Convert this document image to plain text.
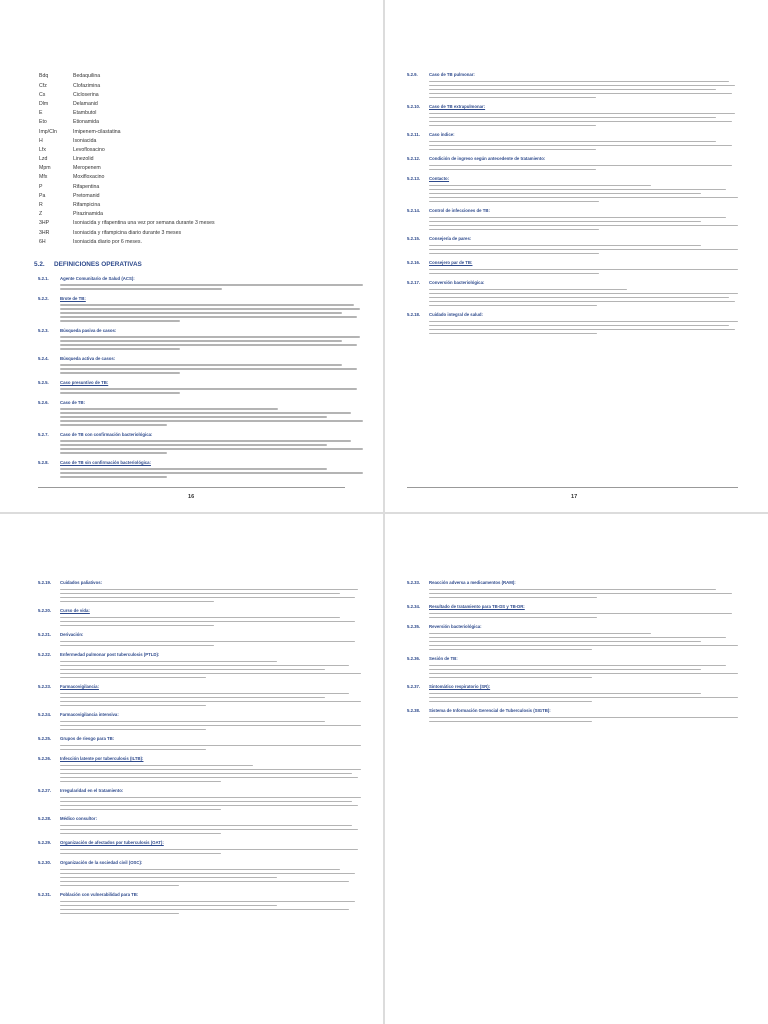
Bdq	Bedaquilina
Cfz	Clofazimina
Cs	Cicloserina
Dlm	Delamanid
E	Etambutol
Eto	Etionamida
Imp/Cln	Imipenem-cilastatina
H	Isoniacida
Lfx	Levofloxacino
Lzd	Linezolid
Mpm	Meropenem
Mfx	Moxifloxacino
P	Rifapentina
Pa	Pretomanid
R	Rifampicina
Z	Pirazinamida
3HP	Isoniacida y rifapentina una vez por semana durante 3 meses
3HR	Isoniacida y rifampicina diario durante 3 meses
6H	Isoniacida diario por 6 meses.
5.2. DEFINICIONES OPERATIVAS
5.2.1.	Agente Comunitario de Salud (ACS):
5.2.2.	Brote de TB:
5.2.3.	Búsqueda pasiva de casos:
5.2.4.	Búsqueda activa de casos:
5.2.5.	Caso presuntivo de TB:
5.2.6.	Caso de TB:
5.2.7.	Caso de TB con confirmación bacteriológica:
5.2.8.	Caso de TB sin confirmación bacteriológica:
16
5.2.9.	Caso de TB pulmonar:
5.2.10. Caso de TB extrapulmonar:
5.2.11. Caso índice:
5.2.12. Condición de ingreso según antecedente de tratamiento:
5.2.13. Contacto:
5.2.14. Control de infecciones de TB:
5.2.15. Consejería de pares:
5.2.16. Consejero par de TB:
5.2.17. Conversión bacteriológica:
5.2.18. Cuidado integral de salud:
17
5.2.19. Cuidados paliativos:
5.2.20. Curso de vida:
5.2.21. Derivación:
5.2.22. Enfermedad pulmonar post tuberculosis (PTLD):
5.2.23. Farmacovigilancia:
5.2.24. Farmacovigilancia intensiva:
5.2.25. Grupos de riesgo para TB:
5.2.26. Infección latente por tuberculosis (ILTB):
5.2.27. Irregularidad en el tratamiento:
5.2.28. Médico consultor:
5.2.29. Organización de afectados por tuberculosis (OAT):
5.2.30. Organización de la sociedad civil (OSC):
5.2.31. Población con vulnerabilidad para TB:
5.2.33. Reacción adversa a medicamentos (RAM):
5.2.34. Resultado de tratamiento para TB-DS y TB-DR:
5.2.35. Reversión bacteriológica:
5.2.36. Sesión de TB:
5.2.37. Sintomático respiratorio (SR):
5.2.38. Sistema de Información Gerencial de Tuberculosis (SIGTB):
